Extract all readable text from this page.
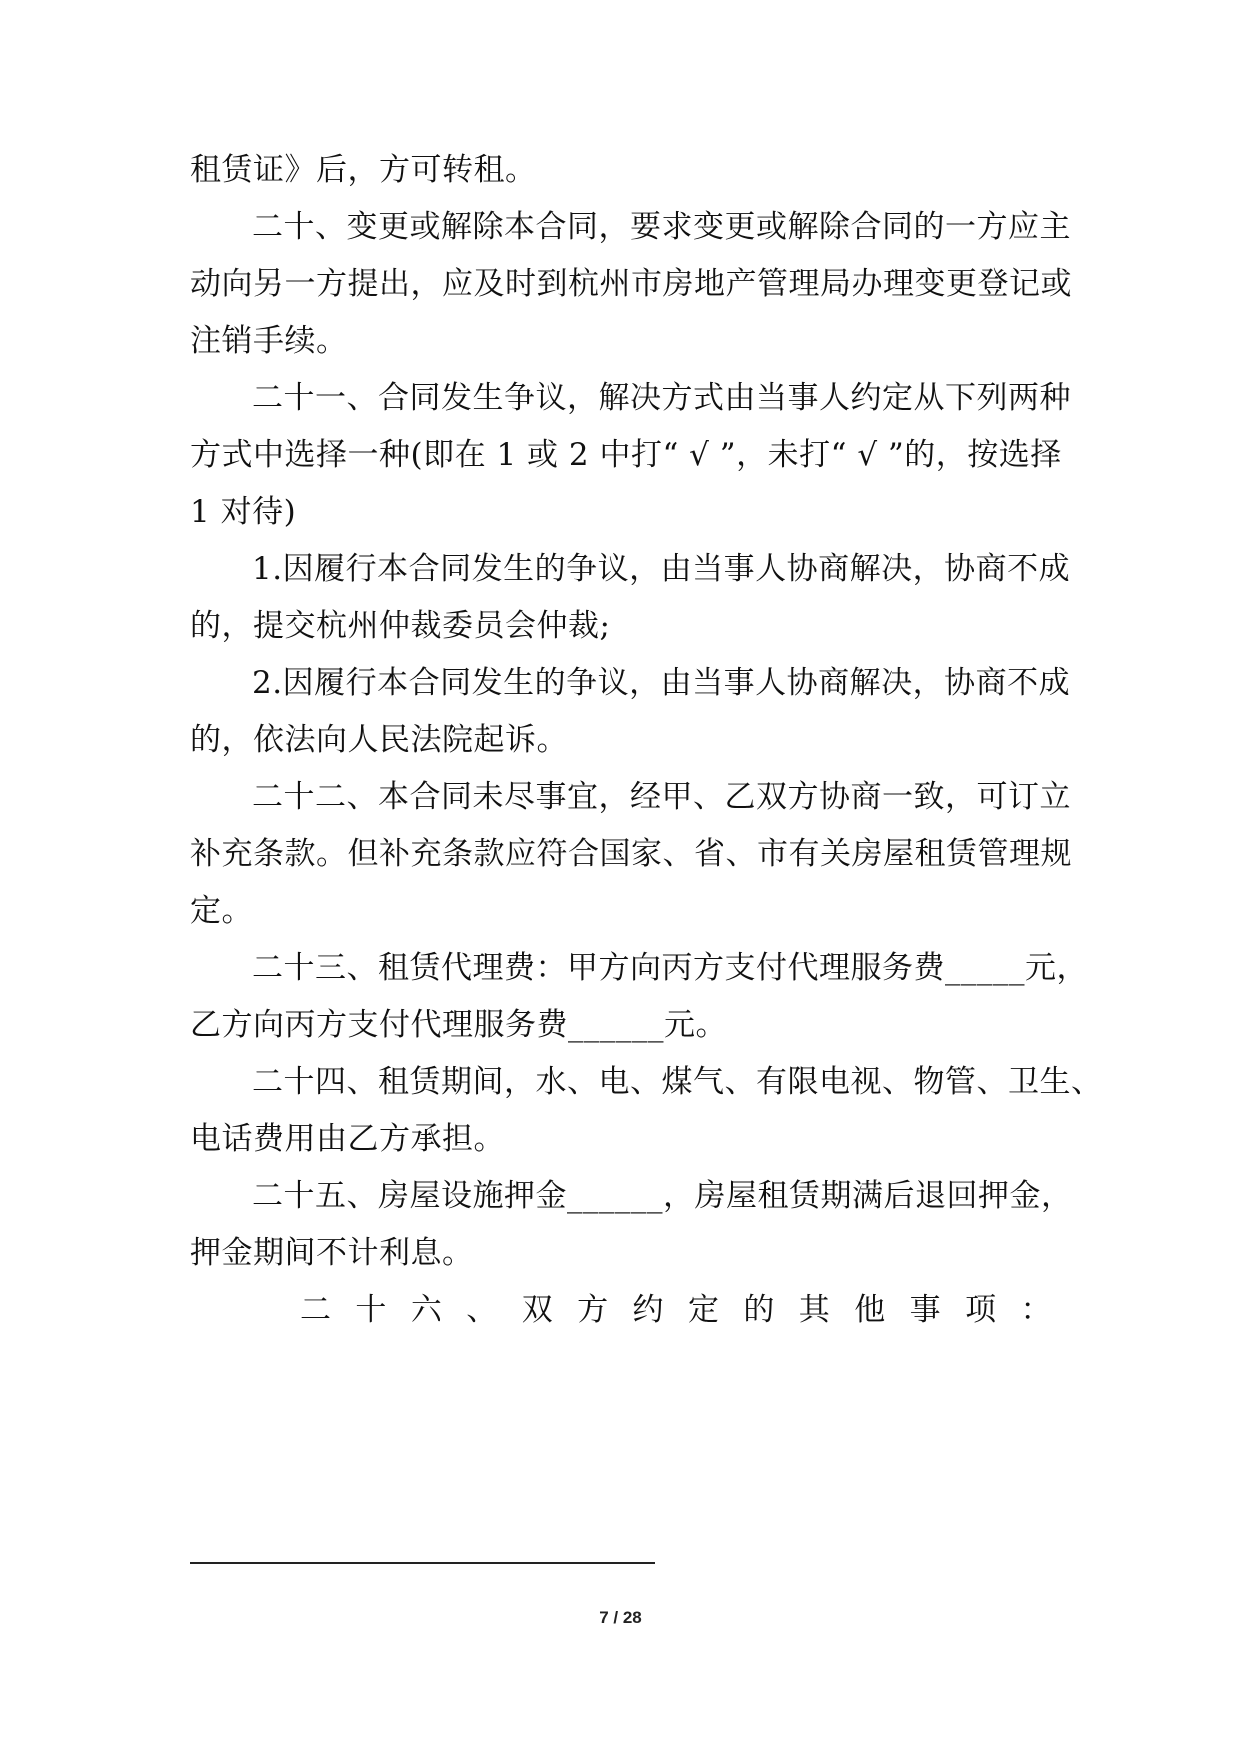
租赁证》后，方可转租。
二十、变更或解除本合同，要求变更或解除合同的一方应主
动向另一方提出，应及时到杭州市房地产管理局办理变更登记或
注销手续。
二十一、合同发生争议，解决方式由当事人约定从下列两种
方式中选择一种(即在 1 或 2 中打“ √ ”，未打“ √ ”的，按选择
1 对待)
1.因履行本合同发生的争议，由当事人协商解决，协商不成
的，提交杭州仲裁委员会仲裁;
2.因履行本合同发生的争议，由当事人协商解决，协商不成
的，依法向人民法院起诉。
二十二、本合同未尽事宜，经甲、乙双方协商一致，可订立
补充条款。但补充条款应符合国家、省、市有关房屋租赁管理规
定。
二十三、租赁代理费：甲方向丙方支付代理服务费_____元，
乙方向丙方支付代理服务费______元。
二十四、租赁期间，水、电、煤气、有限电视、物管、卫生、
电话费用由乙方承担。
二十五、房屋设施押金______，房屋租赁期满后退回押金，
押金期间不计利息。
二 十 六 、 双 方 约 定 的 其 他 事 项 ：
7 / 28
